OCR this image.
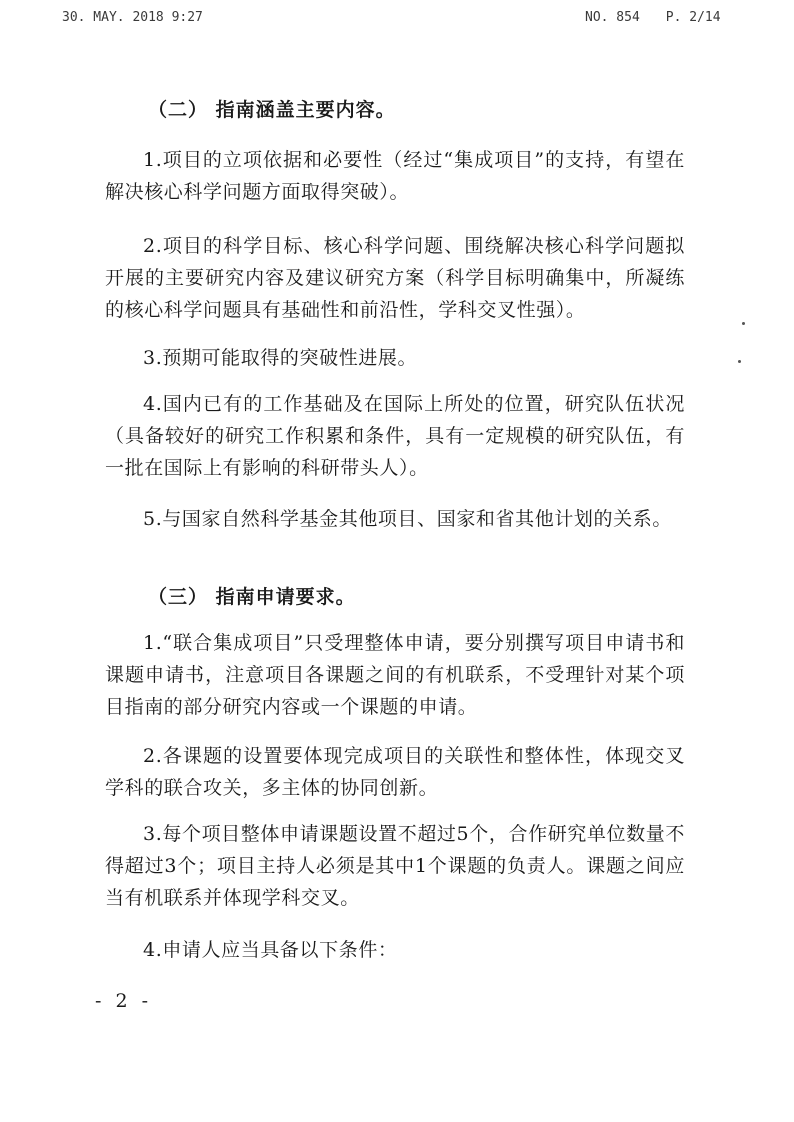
30. MAY. 2018 9:27	NO. 854 P. 2/14
（二） 指南涵盖主要内容。
1.项目的立项依据和必要性（经过“集成项目”的支持，有望在解决核心科学问题方面取得突破）。
2.项目的科学目标、核心科学问题、围绕解决核心科学问题拟开展的主要研究内容及建议研究方案（科学目标明确集中，所凝练的核心科学问题具有基础性和前沿性，学科交叉性强）。
3.预期可能取得的突破性进展。
4.国内已有的工作基础及在国际上所处的位置，研究队伍状况（具备较好的研究工作积累和条件，具有一定规模的研究队伍，有一批在国际上有影响的科研带头人）。
5.与国家自然科学基金其他项目、国家和省其他计划的关系。
（三） 指南申请要求。
1.“联合集成项目”只受理整体申请，要分别撰写项目申请书和课题申请书，注意项目各课题之间的有机联系，不受理针对某个项目指南的部分研究内容或一个课题的申请。
2.各课题的设置要体现完成项目的关联性和整体性，体现交叉学科的联合攻关，多主体的协同创新。
3.每个项目整体申请课题设置不超过5个，合作研究单位数量不得超过3个；项目主持人必须是其中1个课题的负责人。课题之间应当有机联系并体现学科交叉。
4.申请人应当具备以下条件：
- 2 -
